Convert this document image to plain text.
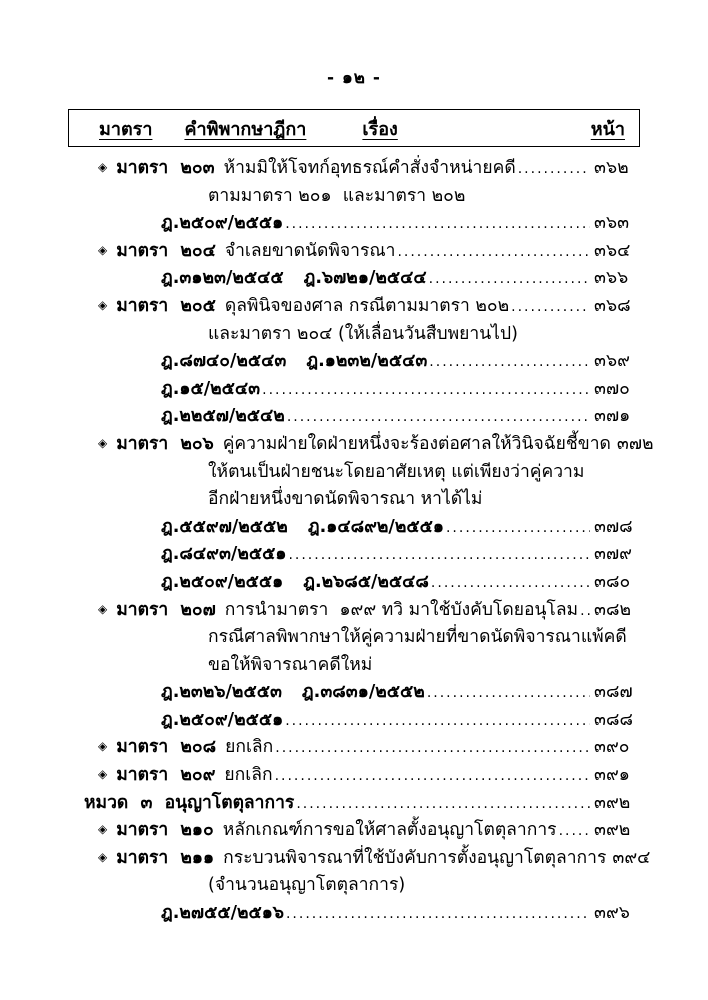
- ๑๒ -
มาตรา คำพิพากษาฎีกา	เรื่อง	หน้า
◈ มาตรา  ๒๐๓ ห้ามมิให้โจทก์อุทธรณ์คำสั่งจำหน่ายคดี .....	๓๖๒
ตามมาตรา ๒๐๑  และมาตรา ๒๐๒
ฎ.๒๕๐๙/๒๕๕๑ .....	๓๖๓
◈ มาตรา  ๒๐๔ จำเลยขาดนัดพิจารณา .....	๓๖๔
ฎ.๓๑๒๓/๒๕๔๕ ฎ.๖๗๒๑/๒๕๔๔ .....	๓๖๖
◈ มาตรา  ๒๐๕ ดุลพินิจของศาล กรณีตามมาตรา ๒๐๒ .....	๓๖๘
และมาตรา ๒๐๔ (ให้เลื่อนวันสืบพยานไป)
ฎ.๘๗๔๐/๒๕๔๓ ฎ.๑๒๓๒/๒๕๔๓ .....	๓๖๙
ฎ.๑๕/๒๕๔๓ .....	๓๗๐
ฎ.๒๒๕๗/๒๕๔๒ .....	๓๗๑
◈ มาตรา  ๒๐๖ คู่ความฝ่ายใดฝ่ายหนึ่งจะร้องต่อศาลให้วินิจฉัยชี้ขาด ๓๗๒
ให้ตนเป็นฝ่ายชนะโดยอาศัยเหตุ แต่เพียงว่าคู่ความ
อีกฝ่ายหนึ่งขาดนัดพิจารณา หาได้ไม่
ฎ.๕๕๙๗/๒๕๕๒ ฎ.๑๔๘๙๒/๒๕๕๑ .....	๓๗๘
ฎ.๘๔๙๓/๒๕๕๑ .....	๓๗๙
ฎ.๒๕๐๙/๒๕๕๑ ฎ.๒๖๘๕/๒๕๔๘ .....	๓๘๐
◈ มาตรา  ๒๐๗ การนำมาตรา  ๑๙๙ ทวิ มาใช้บังคับโดยอนุโลม ..... ๓๘๒
กรณีศาลพิพากษาให้คู่ความฝ่ายที่ขาดนัดพิจารณาแพ้คดี
ขอให้พิจารณาคดีใหม่
ฎ.๒๓๒๖/๒๕๕๓ ฎ.๓๘๓๑/๒๕๕๒ .....	๓๘๗
ฎ.๒๕๐๙/๒๕๕๑ .....	๓๘๘
◈ มาตรา  ๒๐๘ ยกเลิก .....	๓๙๐
◈ มาตรา  ๒๐๙ ยกเลิก .....	๓๙๑
หมวด  ๓  อนุญาโตตุลาการ .....	๓๙๒
◈ มาตรา  ๒๑๐ หลักเกณฑ์การขอให้ศาลตั้งอนุญาโตตุลาการ ..... ๓๙๒
◈ มาตรา  ๒๑๑ กระบวนพิจารณาที่ใช้บังคับการตั้งอนุญาโตตุลาการ ๓๙๔
(จำนวนอนุญาโตตุลาการ)
ฎ.๒๗๕๕/๒๕๑๖ .....	๓๙๖
